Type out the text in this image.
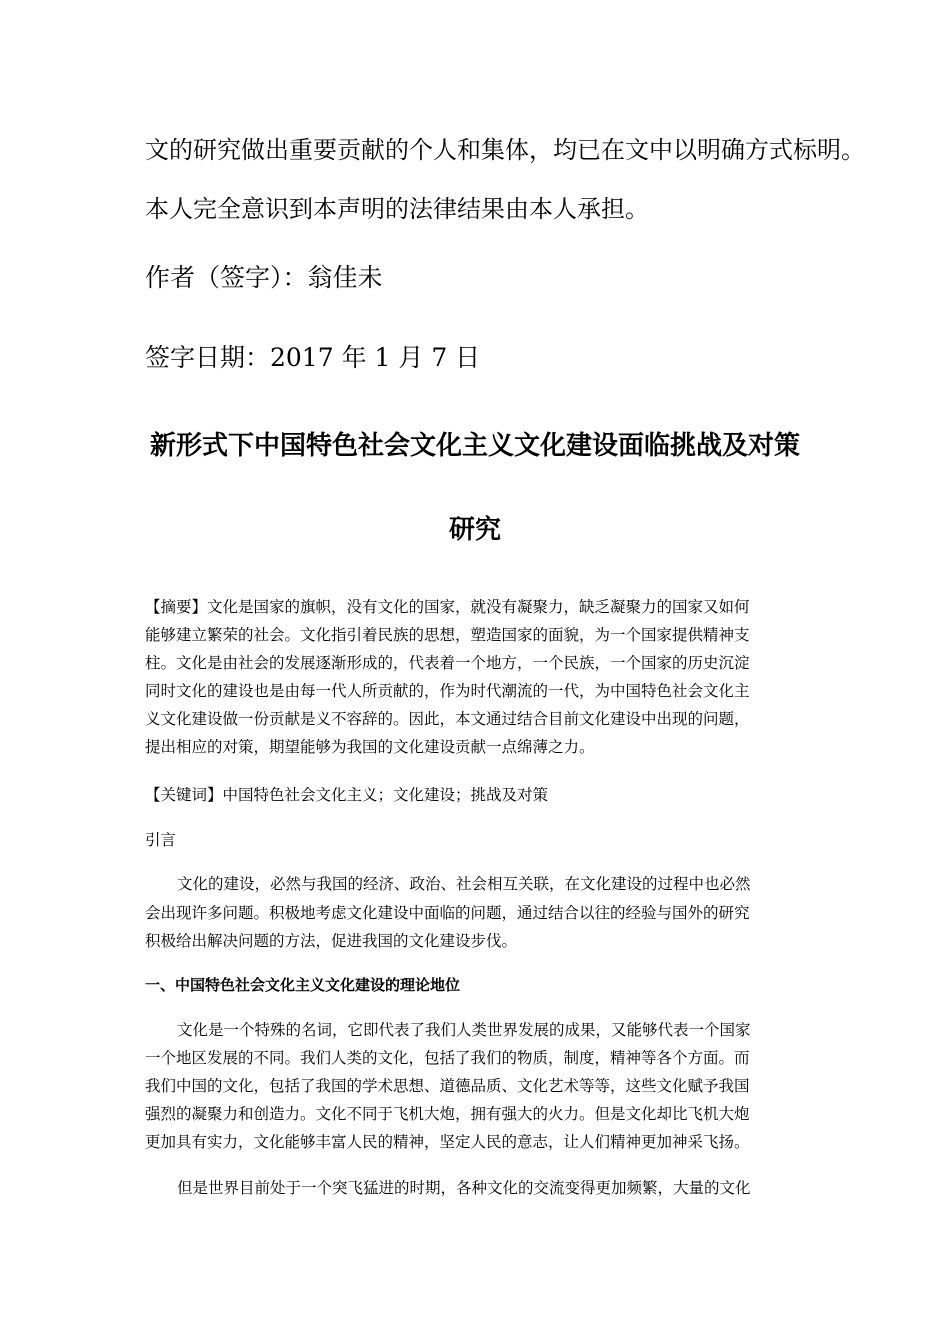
文的研究做出重要贡献的个人和集体，均已在文中以明确方式标明。
本人完全意识到本声明的法律结果由本人承担。
作者（签字）：翁佳未
签字日期：2017 年 1 月 7 日
新形式下中国特色社会文化主义文化建设面临挑战及对策
研究
【摘要】文化是国家的旗帜，没有文化的国家，就没有凝聚力，缺乏凝聚力的国家又如何
能够建立繁荣的社会。文化指引着民族的思想，塑造国家的面貌，为一个国家提供精神支
柱。文化是由社会的发展逐渐形成的，代表着一个地方，一个民族，一个国家的历史沉淀
同时文化的建设也是由每一代人所贡献的，作为时代潮流的一代，为中国特色社会文化主
义文化建设做一份贡献是义不容辞的。因此，本文通过结合目前文化建设中出现的问题，
提出相应的对策，期望能够为我国的文化建设贡献一点绵薄之力。
【关键词】中国特色社会文化主义；文化建设；挑战及对策
引言
文化的建设，必然与我国的经济、政治、社会相互关联，在文化建设的过程中也必然
会出现许多问题。积极地考虑文化建设中面临的问题，通过结合以往的经验与国外的研究
积极给出解决问题的方法，促进我国的文化建设步伐。
一、中国特色社会文化主义文化建设的理论地位
文化是一个特殊的名词，它即代表了我们人类世界发展的成果，又能够代表一个国家
一个地区发展的不同。我们人类的文化，包括了我们的物质，制度，精神等各个方面。而
我们中国的文化，包括了我国的学术思想、道德品质、文化艺术等等，这些文化赋予我国
强烈的凝聚力和创造力。文化不同于飞机大炮，拥有强大的火力。但是文化却比飞机大炮
更加具有实力，文化能够丰富人民的精神，坚定人民的意志，让人们精神更加神采飞扬。
但是世界目前处于一个突飞猛进的时期，各种文化的交流变得更加频繁，大量的文化
